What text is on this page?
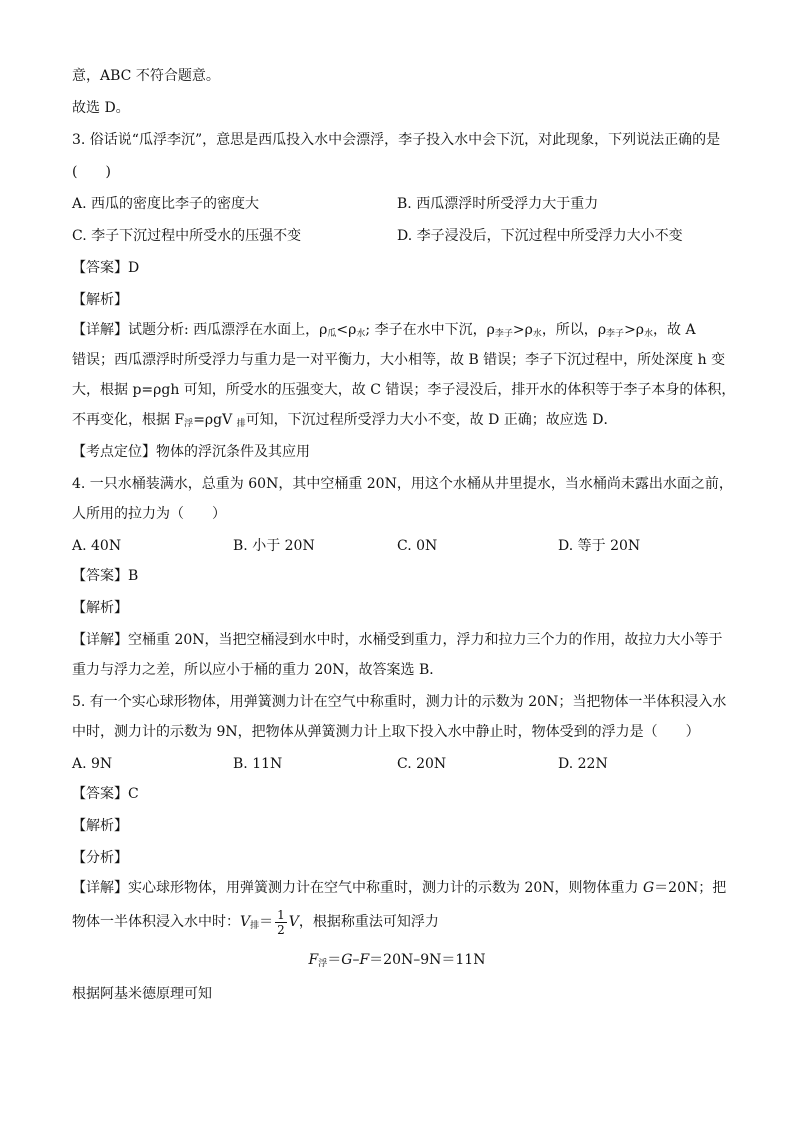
意，ABC 不符合题意。
故选 D。
3. 俗话说“瓜浮李沉”，意思是西瓜投入水中会漂浮，李子投入水中会下沉，对此现象，下列说法正确的是
(　　)
A. 西瓜的密度比李子的密度大	B. 西瓜漂浮时所受浮力大于重力
C. 李子下沉过程中所受水的压强不变	D. 李子浸没后，下沉过程中所受浮力大小不变
【答案】D
【解析】
【详解】试题分析: 西瓜漂浮在水面上，$\rho_瓜<\rho_水$; 李子在水中下沉，$\rho_{李子}>\rho_水$，所以，$\rho_{李子}>\rho_水$，故 A
错误；西瓜漂浮时所受浮力与重力是一对平衡力，大小相等，故 B 错误；李子下沉过程中，所处深度 h 变
大，根据 p=ρgh 可知，所受水的压强变大，故 C 错误；李子浸没后，排开水的体积等于李子本身的体积，
不再变化，根据 $F_浮=\rho gV$ $_排$可知，下沉过程所受浮力大小不变，故 D 正确；故应选 D．
【考点定位】物体的浮沉条件及其应用
4. 一只水桶装满水，总重为 60N，其中空桶重 20N，用这个水桶从井里提水，当水桶尚未露出水面之前，
人所用的拉力为（　　）
A. 40N	B. 小于 20N	C. 0N	D. 等于 20N
【答案】B
【解析】
【详解】空桶重 20N，当把空桶浸到水中时，水桶受到重力，浮力和拉力三个力的作用，故拉力大小等于
重力与浮力之差，所以应小于桶的重力 20N，故答案选 B．
5. 有一个实心球形物体，用弹簧测力计在空气中称重时，测力计的示数为 20N；当把物体一半体积浸入水
中时，测力计的示数为 9N，把物体从弹簧测力计上取下投入水中静止时，物体受到的浮力是（　　）
A. 9N	B. 11N	C. 20N	D. 22N
【答案】C
【解析】
【分析】
【详解】实心球形物体，用弹簧测力计在空气中称重时，测力计的示数为 20N，则物体重力 G＝20N；把
物体一半体积浸入水中时：$V_排= \frac{1}{2}$ V，根据称重法可知浮力
$F_浮=G-F=20N-9N=11N$
根据阿基米德原理可知
